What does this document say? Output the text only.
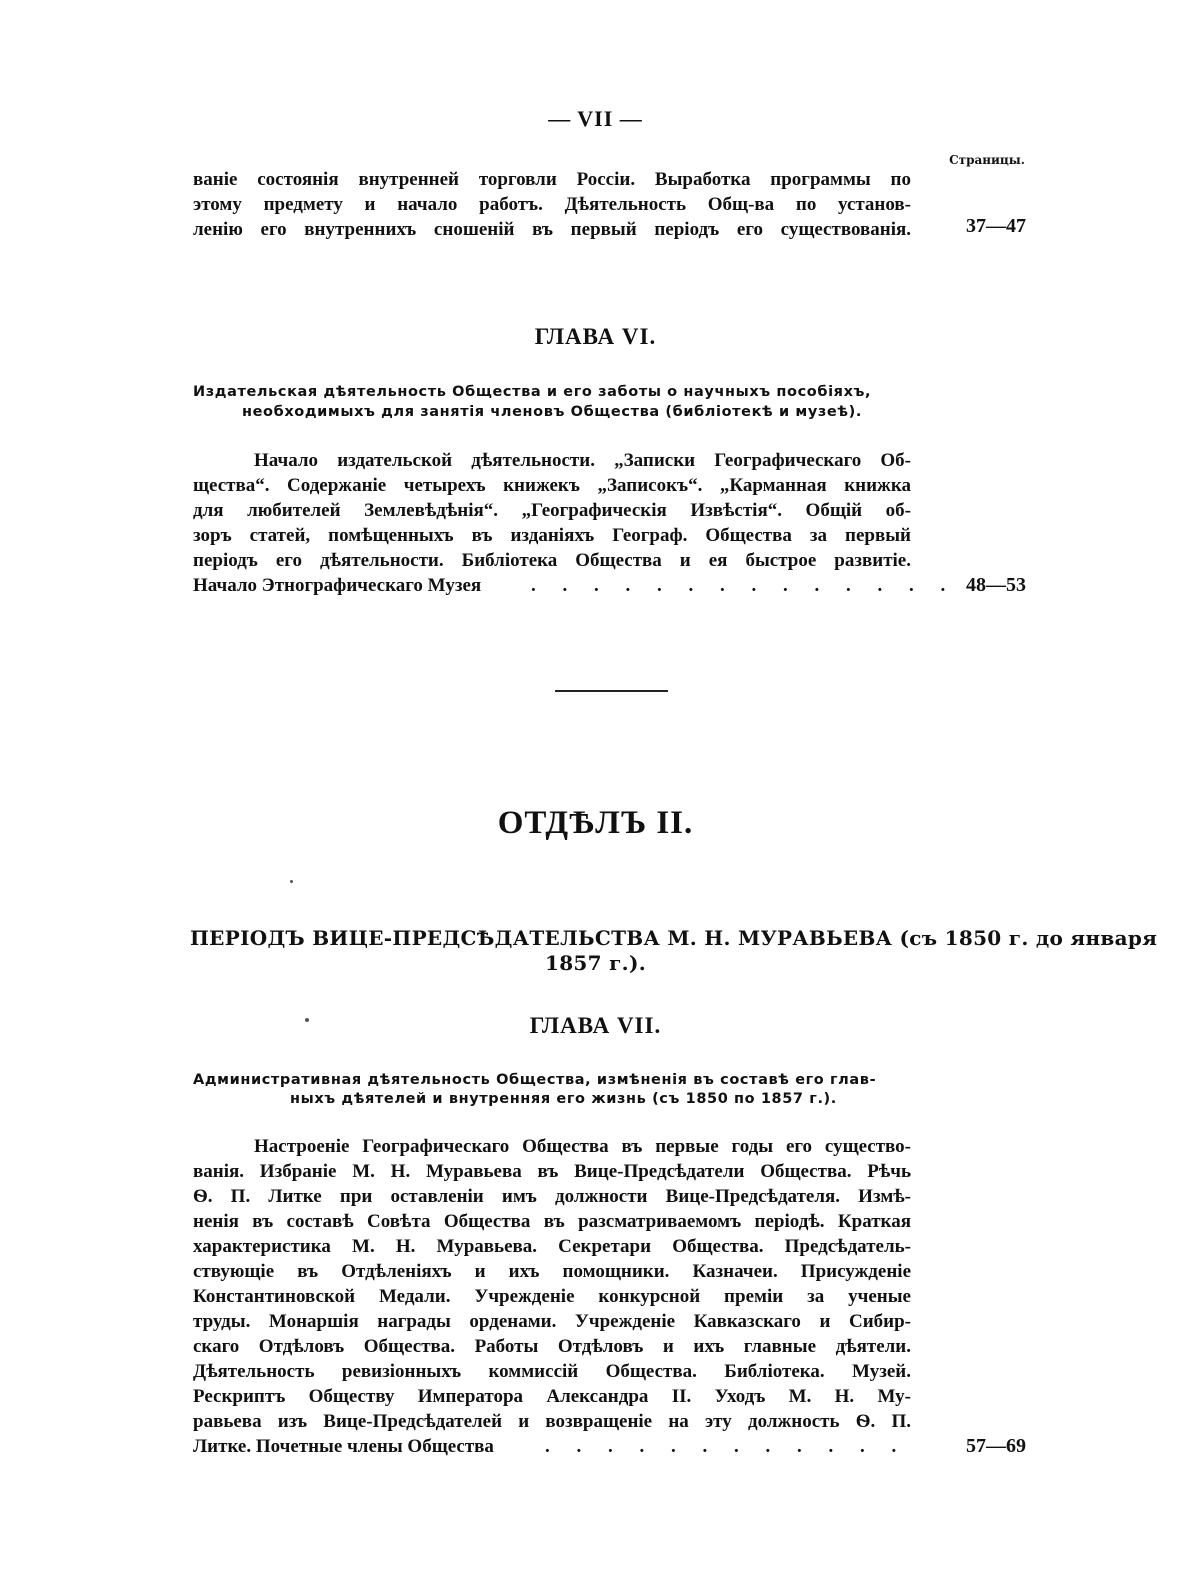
— VII —
Страницы.
ваніе состоянія внутренней торговли Россіи. Выработка программы по
этому предмету и начало работъ. Дѣятельность Общ-ва по установ-
ленію его внутреннихъ сношеній въ первый періодъ его существованія.	37—47
ГЛАВА VI.
Издательская дѣятельность Общества и его заботы о научныхъ пособіяхъ,
необходимыхъ для занятія членовъ Общества (библіотекѣ и музеѣ).
Начало издательской дѣятельности. „Записки Географическаго Об-
щества“. Содержаніе четырехъ книжекъ „Записокъ“. „Карманная книжка
для любителей Землевѣдѣнія“. „Географическія Извѣстія“. Общій об-
зоръ статей, помѣщенныхъ въ изданіяхъ Географ. Общества за первый
періодъ его дѣятельности. Библіотека Общества и ея быстрое развитіе.
Начало Этнографическаго Музея	. . . . . . . . . . . . . . 48—53
ОТДѢЛЪ II.
ПЕРІОДЪ ВИЦЕ-ПРЕДСѢДАТЕЛЬСТВА М. Н. МУРАВЬЕВА (съ 1850 г. до января
1857 г.).
ГЛАВА VII.
Административная дѣятельность Общества, измѣненія въ составѣ его глав-
ныхъ дѣятелей и внутренняя его жизнь (съ 1850 по 1857 г.).
Настроеніе Географическаго Общества въ первые годы его существо-
ванія. Избраніе М. Н. Муравьева въ Вице-Предсѣдатели Общества. Рѣчь
Ѳ. П. Литке при оставленіи имъ должности Вице-Предсѣдателя. Измѣ-
ненія въ составѣ Совѣта Общества въ разсматриваемомъ періодѣ. Краткая
характеристика М. Н. Муравьева. Секретари Общества. Предсѣдатель-
ствующіе въ Отдѣленіяхъ и ихъ помощники. Казначеи. Присужденіе
Константиновской Медали. Учрежденіе конкурсной преміи за ученые
труды. Монаршія награды орденами. Учрежденіе Кавказскаго и Сибир-
скаго Отдѣловъ Общества. Работы Отдѣловъ и ихъ главные дѣятели.
Дѣятельность ревизіонныхъ коммиссій Общества. Библіотека. Музей.
Рескриптъ Обществу Императора Александра II. Уходъ М. Н. Му-
равьева изъ Вице-Предсѣдателей и возвращеніе на эту должность Ѳ. П.
Литке. Почетные члены Общества	. . . . . . . . . . . .	57—69
